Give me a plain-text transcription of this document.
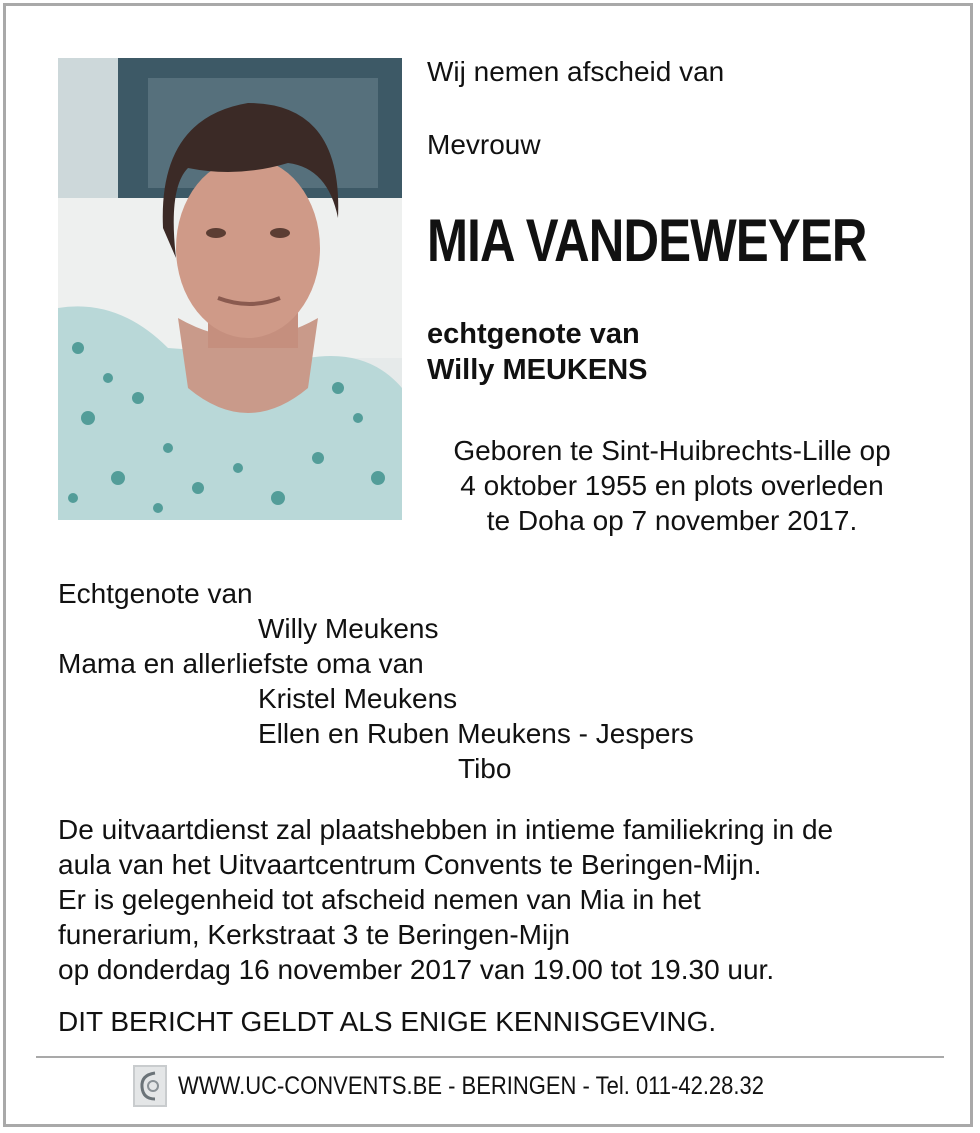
Wij nemen afscheid van
Mevrouw
MIA VANDEWEYER
echtgenote van
Willy MEUKENS
Geboren te Sint-Huibrechts-Lille op
4 oktober 1955 en plots overleden
te Doha op 7 november 2017.
Echtgenote van
Willy Meukens
Mama en allerliefste oma van
Kristel Meukens
Ellen en Ruben Meukens - Jespers
Tibo
De uitvaartdienst zal plaatshebben in intieme familiekring in de
aula van het Uitvaartcentrum Convents te Beringen-Mijn.
Er is gelegenheid tot afscheid nemen van Mia in het
funerarium, Kerkstraat 3 te Beringen-Mijn
op donderdag 16 november 2017 van 19.00 tot 19.30 uur.
DIT BERICHT GELDT ALS ENIGE KENNISGEVING.
WWW.UC-CONVENTS.BE - BERINGEN - Tel. 011-42.28.32
